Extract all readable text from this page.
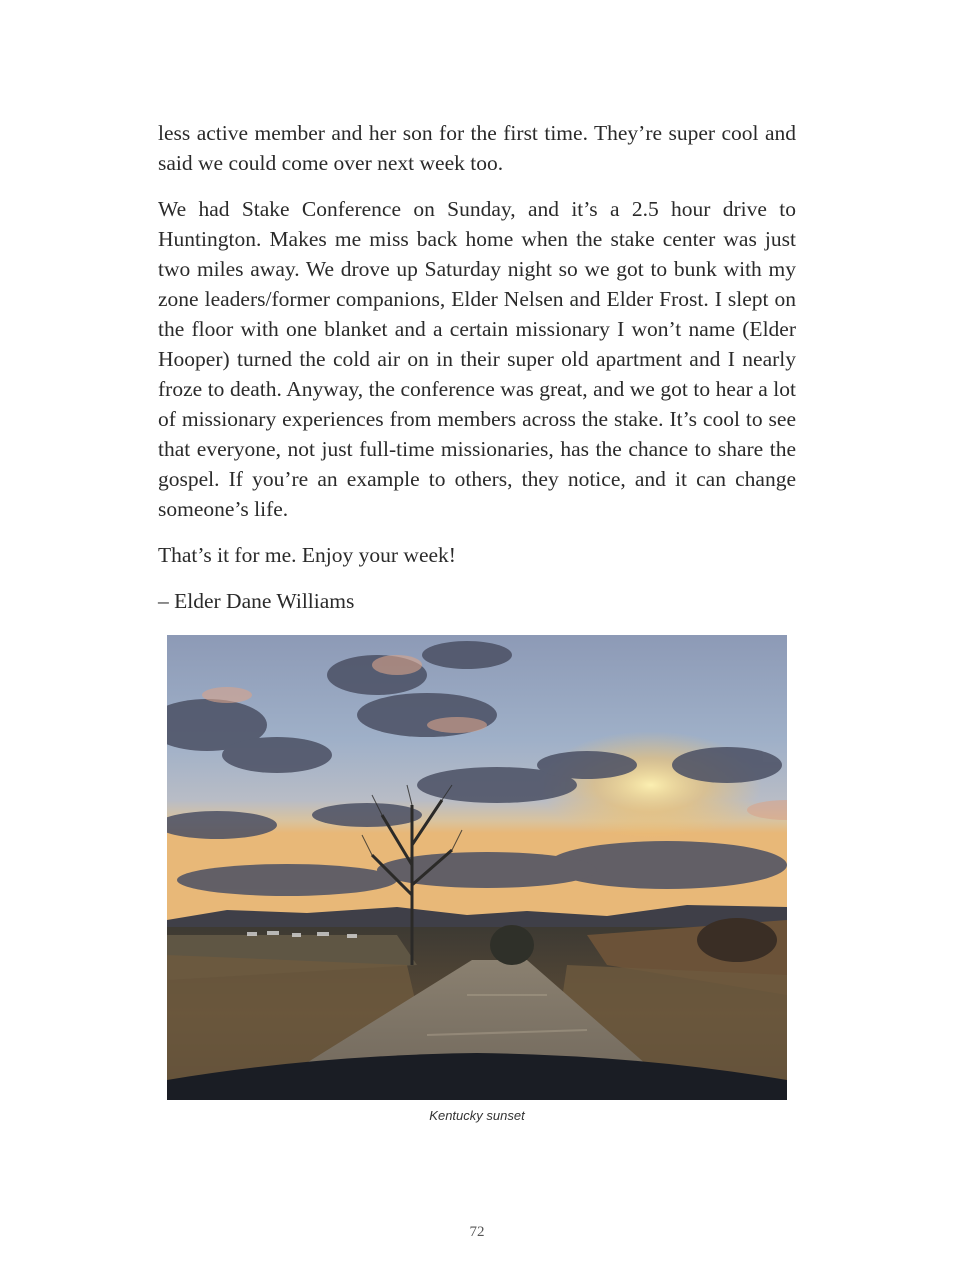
less active member and her son for the first time. They’re super cool and said we could come over next week too.

We had Stake Conference on Sunday, and it’s a 2.5 hour drive to Huntington. Makes me miss back home when the stake center was just two miles away. We drove up Saturday night so we got to bunk with my zone leaders/former companions, Elder Nelsen and Elder Frost. I slept on the floor with one blanket and a certain missionary I won’t name (Elder Hooper) turned the cold air on in their super old apartment and I nearly froze to death. Anyway, the conference was great, and we got to hear a lot of missionary experiences from members across the stake. It’s cool to see that everyone, not just full-time missionaries, has the chance to share the gospel. If you’re an example to others, they notice, and it can change someone’s life.

That’s it for me. Enjoy your week!

– Elder Dane Williams

Kentucky sunset
72
